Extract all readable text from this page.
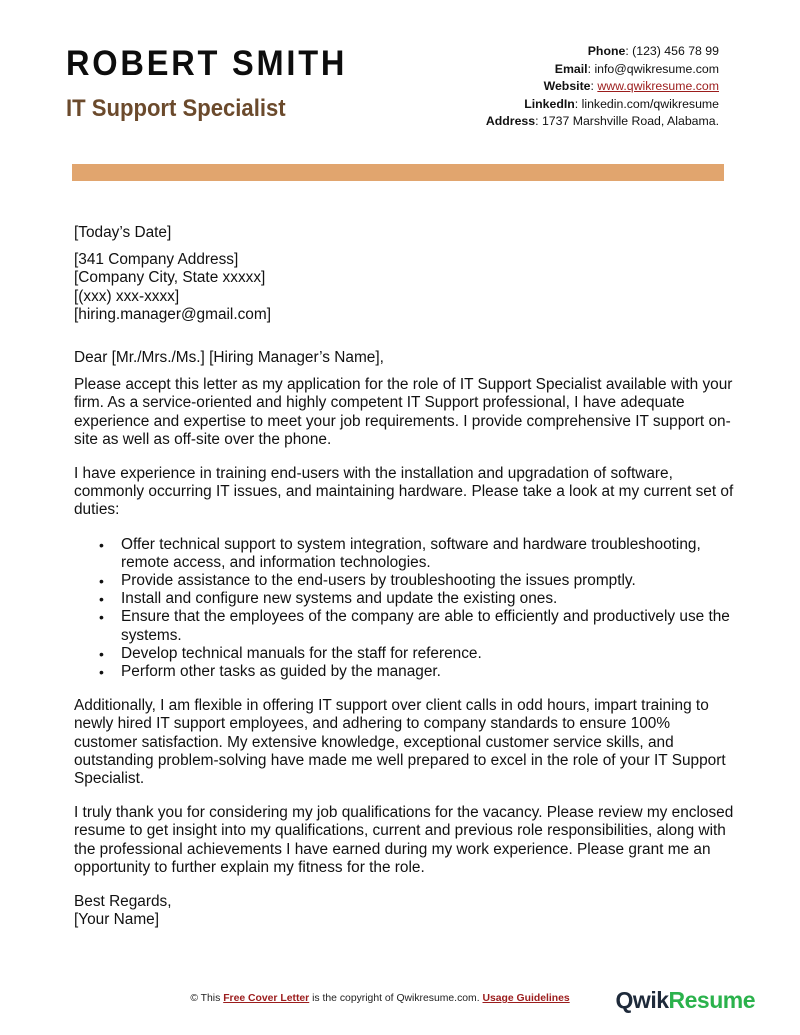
ROBERT SMITH
IT Support Specialist
Phone: (123) 456 78 99
Email: info@qwikresume.com
Website: www.qwikresume.com
LinkedIn: linkedin.com/qwikresume
Address: 1737 Marshville Road, Alabama.

[Today’s Date]

[341 Company Address]

[Company City, State xxxxx]

[(xxx) xxx-xxxx]

[hiring.manager@gmail.com]

Dear [Mr./Mrs./Ms.] [Hiring Manager’s Name],

Please accept this letter as my application for the role of IT Support Specialist available with your firm. As a service-oriented and highly competent IT Support professional, I have adequate experience and expertise to meet your job requirements. I provide comprehensive IT support on-site as well as off-site over the phone.

I have experience in training end-users with the installation and upgradation of software, commonly occurring IT issues, and maintaining hardware. Please take a look at my current set of duties:

• Offer technical support to system integration, software and hardware troubleshooting, remote access, and information technologies.
• Provide assistance to the end-users by troubleshooting the issues promptly.
• Install and configure new systems and update the existing ones.
• Ensure that the employees of the company are able to efficiently and productively use the systems.
• Develop technical manuals for the staff for reference.
• Perform other tasks as guided by the manager.

Additionally, I am flexible in offering IT support over client calls in odd hours, impart training to newly hired IT support employees, and adhering to company standards to ensure 100% customer satisfaction. My extensive knowledge, exceptional customer service skills, and outstanding problem-solving have made me well prepared to excel in the role of your IT Support Specialist.

I truly thank you for considering my job qualifications for the vacancy. Please review my enclosed resume to get insight into my qualifications, current and previous role responsibilities, along with the professional achievements I have earned during my work experience. Please grant me an opportunity to further explain my fitness for the role.

Best Regards,

[Your Name]

© This Free Cover Letter is the copyright of Qwikresume.com. Usage Guidelines	QwikResume
